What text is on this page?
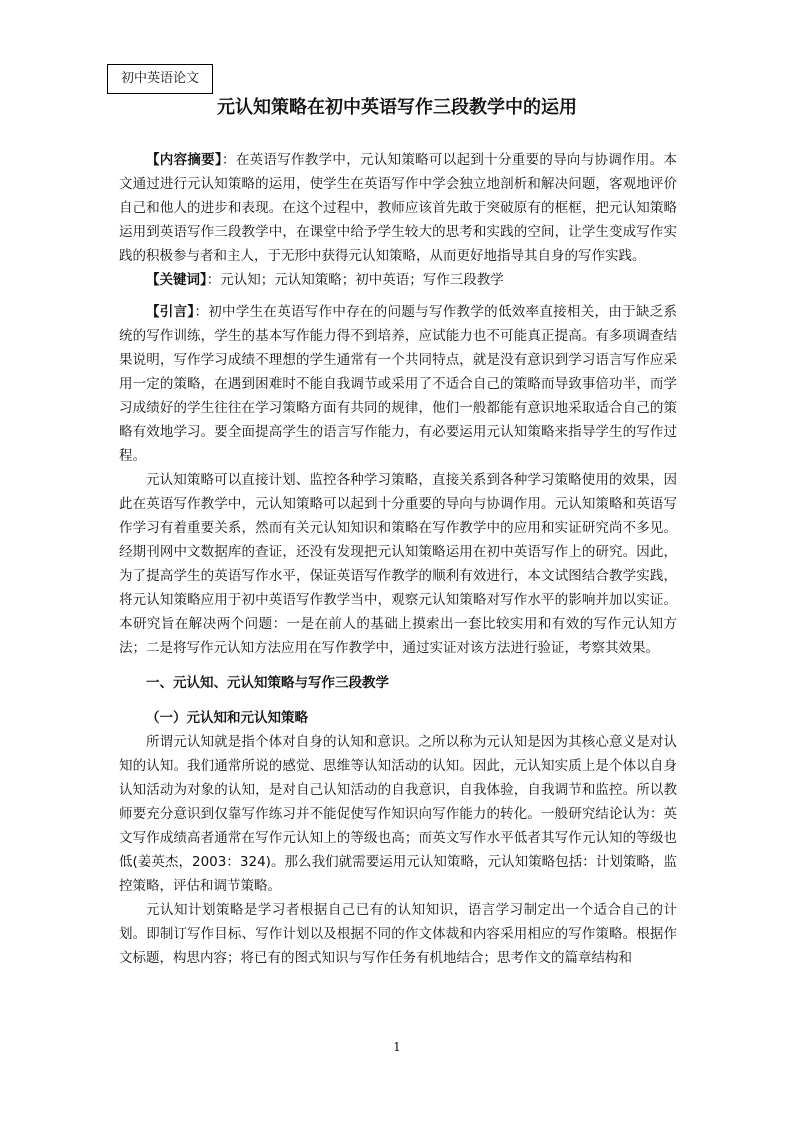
初中英语论文
元认知策略在初中英语写作三段教学中的运用

【内容摘要】：在英语写作教学中，元认知策略可以起到十分重要的导向与协调作用。本文通过进行元认知策略的运用，使学生在英语写作中学会独立地剖析和解决问题，客观地评价自己和他人的进步和表现。在这个过程中，教师应该首先敢于突破原有的框框，把元认知策略运用到英语写作三段教学中，在课堂中给予学生较大的思考和实践的空间，让学生变成写作实践的积极参与者和主人，于无形中获得元认知策略，从而更好地指导其自身的写作实践。

【关键词】：元认知；元认知策略；初中英语；写作三段教学

【引言】：初中学生在英语写作中存在的问题与写作教学的低效率直接相关，由于缺乏系统的写作训练，学生的基本写作能力得不到培养，应试能力也不可能真正提高。有多项调查结果说明，写作学习成绩不理想的学生通常有一个共同特点，就是没有意识到学习语言写作应采用一定的策略，在遇到困难时不能自我调节或采用了不适合自己的策略而导致事倍功半，而学习成绩好的学生往往在学习策略方面有共同的规律，他们一般都能有意识地采取适合自己的策略有效地学习。要全面提高学生的语言写作能力，有必要运用元认知策略来指导学生的写作过程。

元认知策略可以直接计划、监控各种学习策略，直接关系到各种学习策略使用的效果，因此在英语写作教学中，元认知策略可以起到十分重要的导向与协调作用。元认知策略和英语写作学习有着重要关系，然而有关元认知知识和策略在写作教学中的应用和实证研究尚不多见。经期刊网中文数据库的查证，还没有发现把元认知策略运用在初中英语写作上的研究。因此，为了提高学生的英语写作水平，保证英语写作教学的顺利有效进行，本文试图结合教学实践，将元认知策略应用于初中英语写作教学当中，观察元认知策略对写作水平的影响并加以实证。本研究旨在解决两个问题：一是在前人的基础上摸索出一套比较实用和有效的写作元认知方法；二是将写作元认知方法应用在写作教学中，通过实证对该方法进行验证，考察其效果。

一、元认知、元认知策略与写作三段教学
（一）元认知和元认知策略

所谓元认知就是指个体对自身的认知和意识。之所以称为元认知是因为其核心意义是对认知的认知。我们通常所说的感觉、思维等认知活动的认知。因此，元认知实质上是个体以自身认知活动为对象的认知，是对自己认知活动的自我意识，自我体验，自我调节和监控。所以教师要充分意识到仅靠写作练习并不能促使写作知识向写作能力的转化。一般研究结论认为：英文写作成绩高者通常在写作元认知上的等级也高；而英文写作水平低者其写作元认知的等级也低(姜英杰，2003：324)。那么我们就需要运用元认知策略，元认知策略包括：计划策略，监控策略，评估和调节策略。

元认知计划策略是学习者根据自己已有的认知知识，语言学习制定出一个适合自己的计划。即制订写作目标、写作计划以及根据不同的作文体裁和内容采用相应的写作策略。根据作文标题，构思内容；将已有的图式知识与写作任务有机地结合；思考作文的篇章结构和

1
